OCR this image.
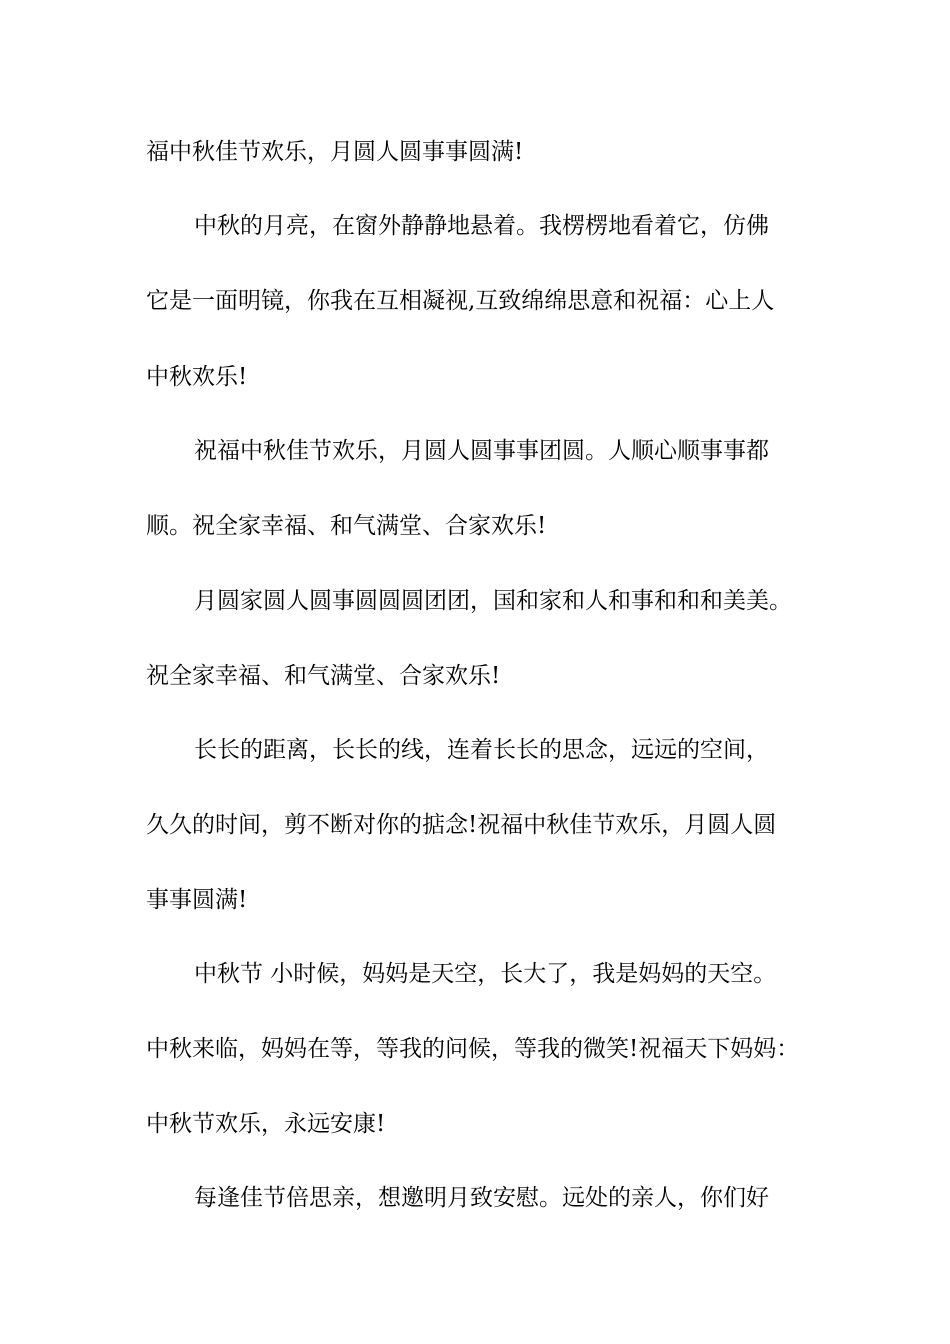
福中秋佳节欢乐，月圆人圆事事圆满!

中秋的月亮，在窗外静静地悬着。我楞楞地看着它，仿佛

它是一面明镜，你我在互相凝视,互致绵绵思意和祝福：心上人

中秋欢乐!

祝福中秋佳节欢乐，月圆人圆事事团圆。人顺心顺事事都

顺。祝全家幸福、和气满堂、合家欢乐!

月圆家圆人圆事圆圆圆团团，国和家和人和事和和和美美。

祝全家幸福、和气满堂、合家欢乐!

长长的距离，长长的线，连着长长的思念，远远的空间，

久久的时间，剪不断对你的掂念!祝福中秋佳节欢乐，月圆人圆

事事圆满!

中秋节 小时候，妈妈是天空，长大了，我是妈妈的天空。

中秋来临，妈妈在等，等我的问候，等我的微笑!祝福天下妈妈：

中秋节欢乐，永远安康!

每逢佳节倍思亲，想邀明月致安慰。远处的亲人，你们好
